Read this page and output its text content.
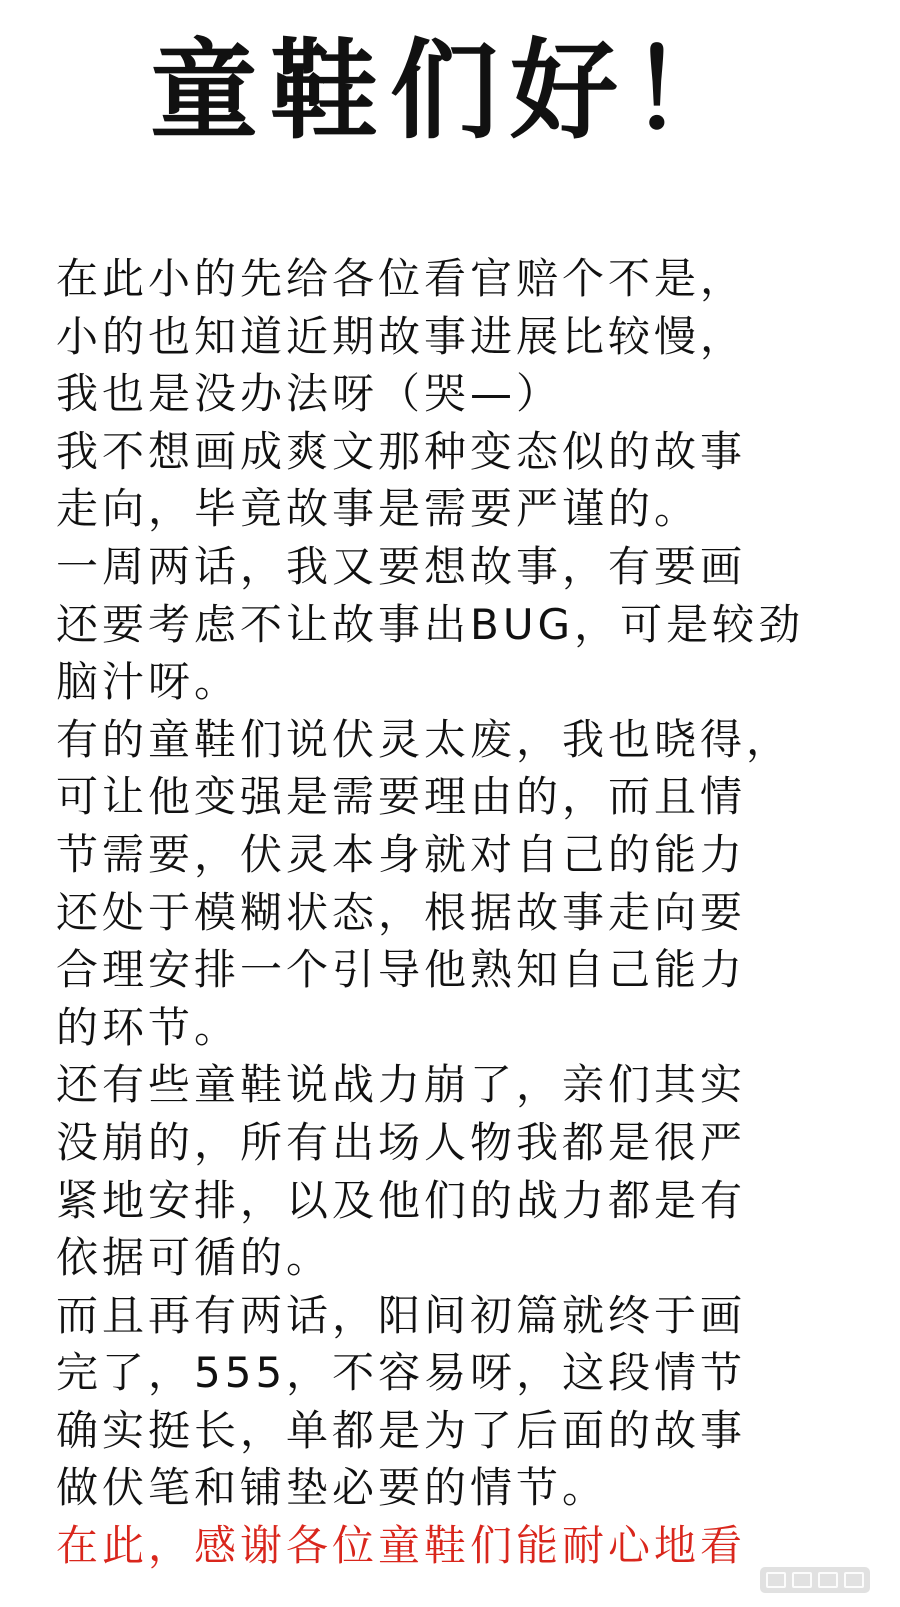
童鞋们好！
在此小的先给各位看官赔个不是，
小的也知道近期故事进展比较慢，
我也是没办法呀（哭—）
我不想画成爽文那种变态似的故事
走向，毕竟故事是需要严谨的。
一周两话，我又要想故事，有要画
还要考虑不让故事出BUG，可是较劲
脑汁呀。
有的童鞋们说伏灵太废，我也晓得，
可让他变强是需要理由的，而且情
节需要，伏灵本身就对自己的能力
还处于模糊状态，根据故事走向要
合理安排一个引导他熟知自己能力
的环节。
还有些童鞋说战力崩了，亲们其实
没崩的，所有出场人物我都是很严
紧地安排，以及他们的战力都是有
依据可循的。
而且再有两话，阳间初篇就终于画
完了，555，不容易呀，这段情节
确实挺长，单都是为了后面的故事
做伏笔和铺垫必要的情节。
在此，感谢各位童鞋们能耐心地看
